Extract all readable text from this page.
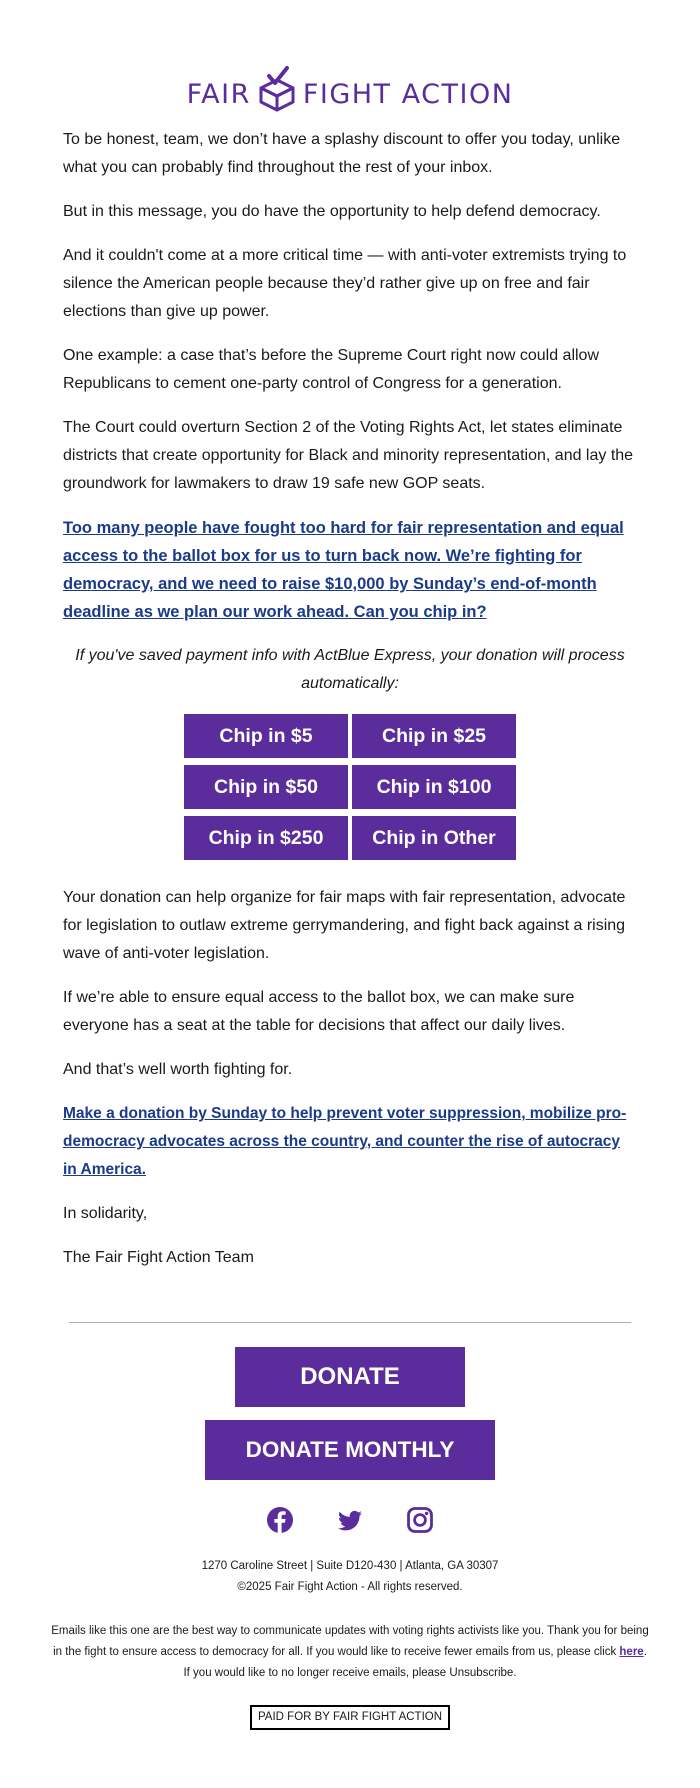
FAIR FIGHT ACTION

To be honest, team, we don’t have a splashy discount to offer you today, unlike what you can probably find throughout the rest of your inbox.

But in this message, you do have the opportunity to help defend democracy.

And it couldn't come at a more critical time — with anti-voter extremists trying to silence the American people because they’d rather give up on free and fair elections than give up power.

One example: a case that’s before the Supreme Court right now could allow Republicans to cement one-party control of Congress for a generation.

The Court could overturn Section 2 of the Voting Rights Act, let states eliminate districts that create opportunity for Black and minority representation, and lay the groundwork for lawmakers to draw 19 safe new GOP seats.

Too many people have fought too hard for fair representation and equal access to the ballot box for us to turn back now. We’re fighting for democracy, and we need to raise $10,000 by Sunday’s end-of-month deadline as we plan our work ahead. Can you chip in?

If you've saved payment info with ActBlue Express, your donation will process automatically:

Chip in $5	Chip in $25
Chip in $50	Chip in $100
Chip in $250	Chip in Other

Your donation can help organize for fair maps with fair representation, advocate for legislation to outlaw extreme gerrymandering, and fight back against a rising wave of anti-voter legislation.

If we’re able to ensure equal access to the ballot box, we can make sure everyone has a seat at the table for decisions that affect our daily lives.

And that’s well worth fighting for.

Make a donation by Sunday to help prevent voter suppression, mobilize pro-democracy advocates across the country, and counter the rise of autocracy in America.

In solidarity,

The Fair Fight Action Team

DONATE
DONATE MONTHLY
1270 Caroline Street | Suite D120-430 | Atlanta, GA 30307
©2025 Fair Fight Action - All rights reserved.
Emails like this one are the best way to communicate updates with voting rights activists like you. Thank you for being in the fight to ensure access to democracy for all. If you would like to receive fewer emails from us, please click here. If you would like to no longer receive emails, please Unsubscribe.
PAID FOR BY FAIR FIGHT ACTION
